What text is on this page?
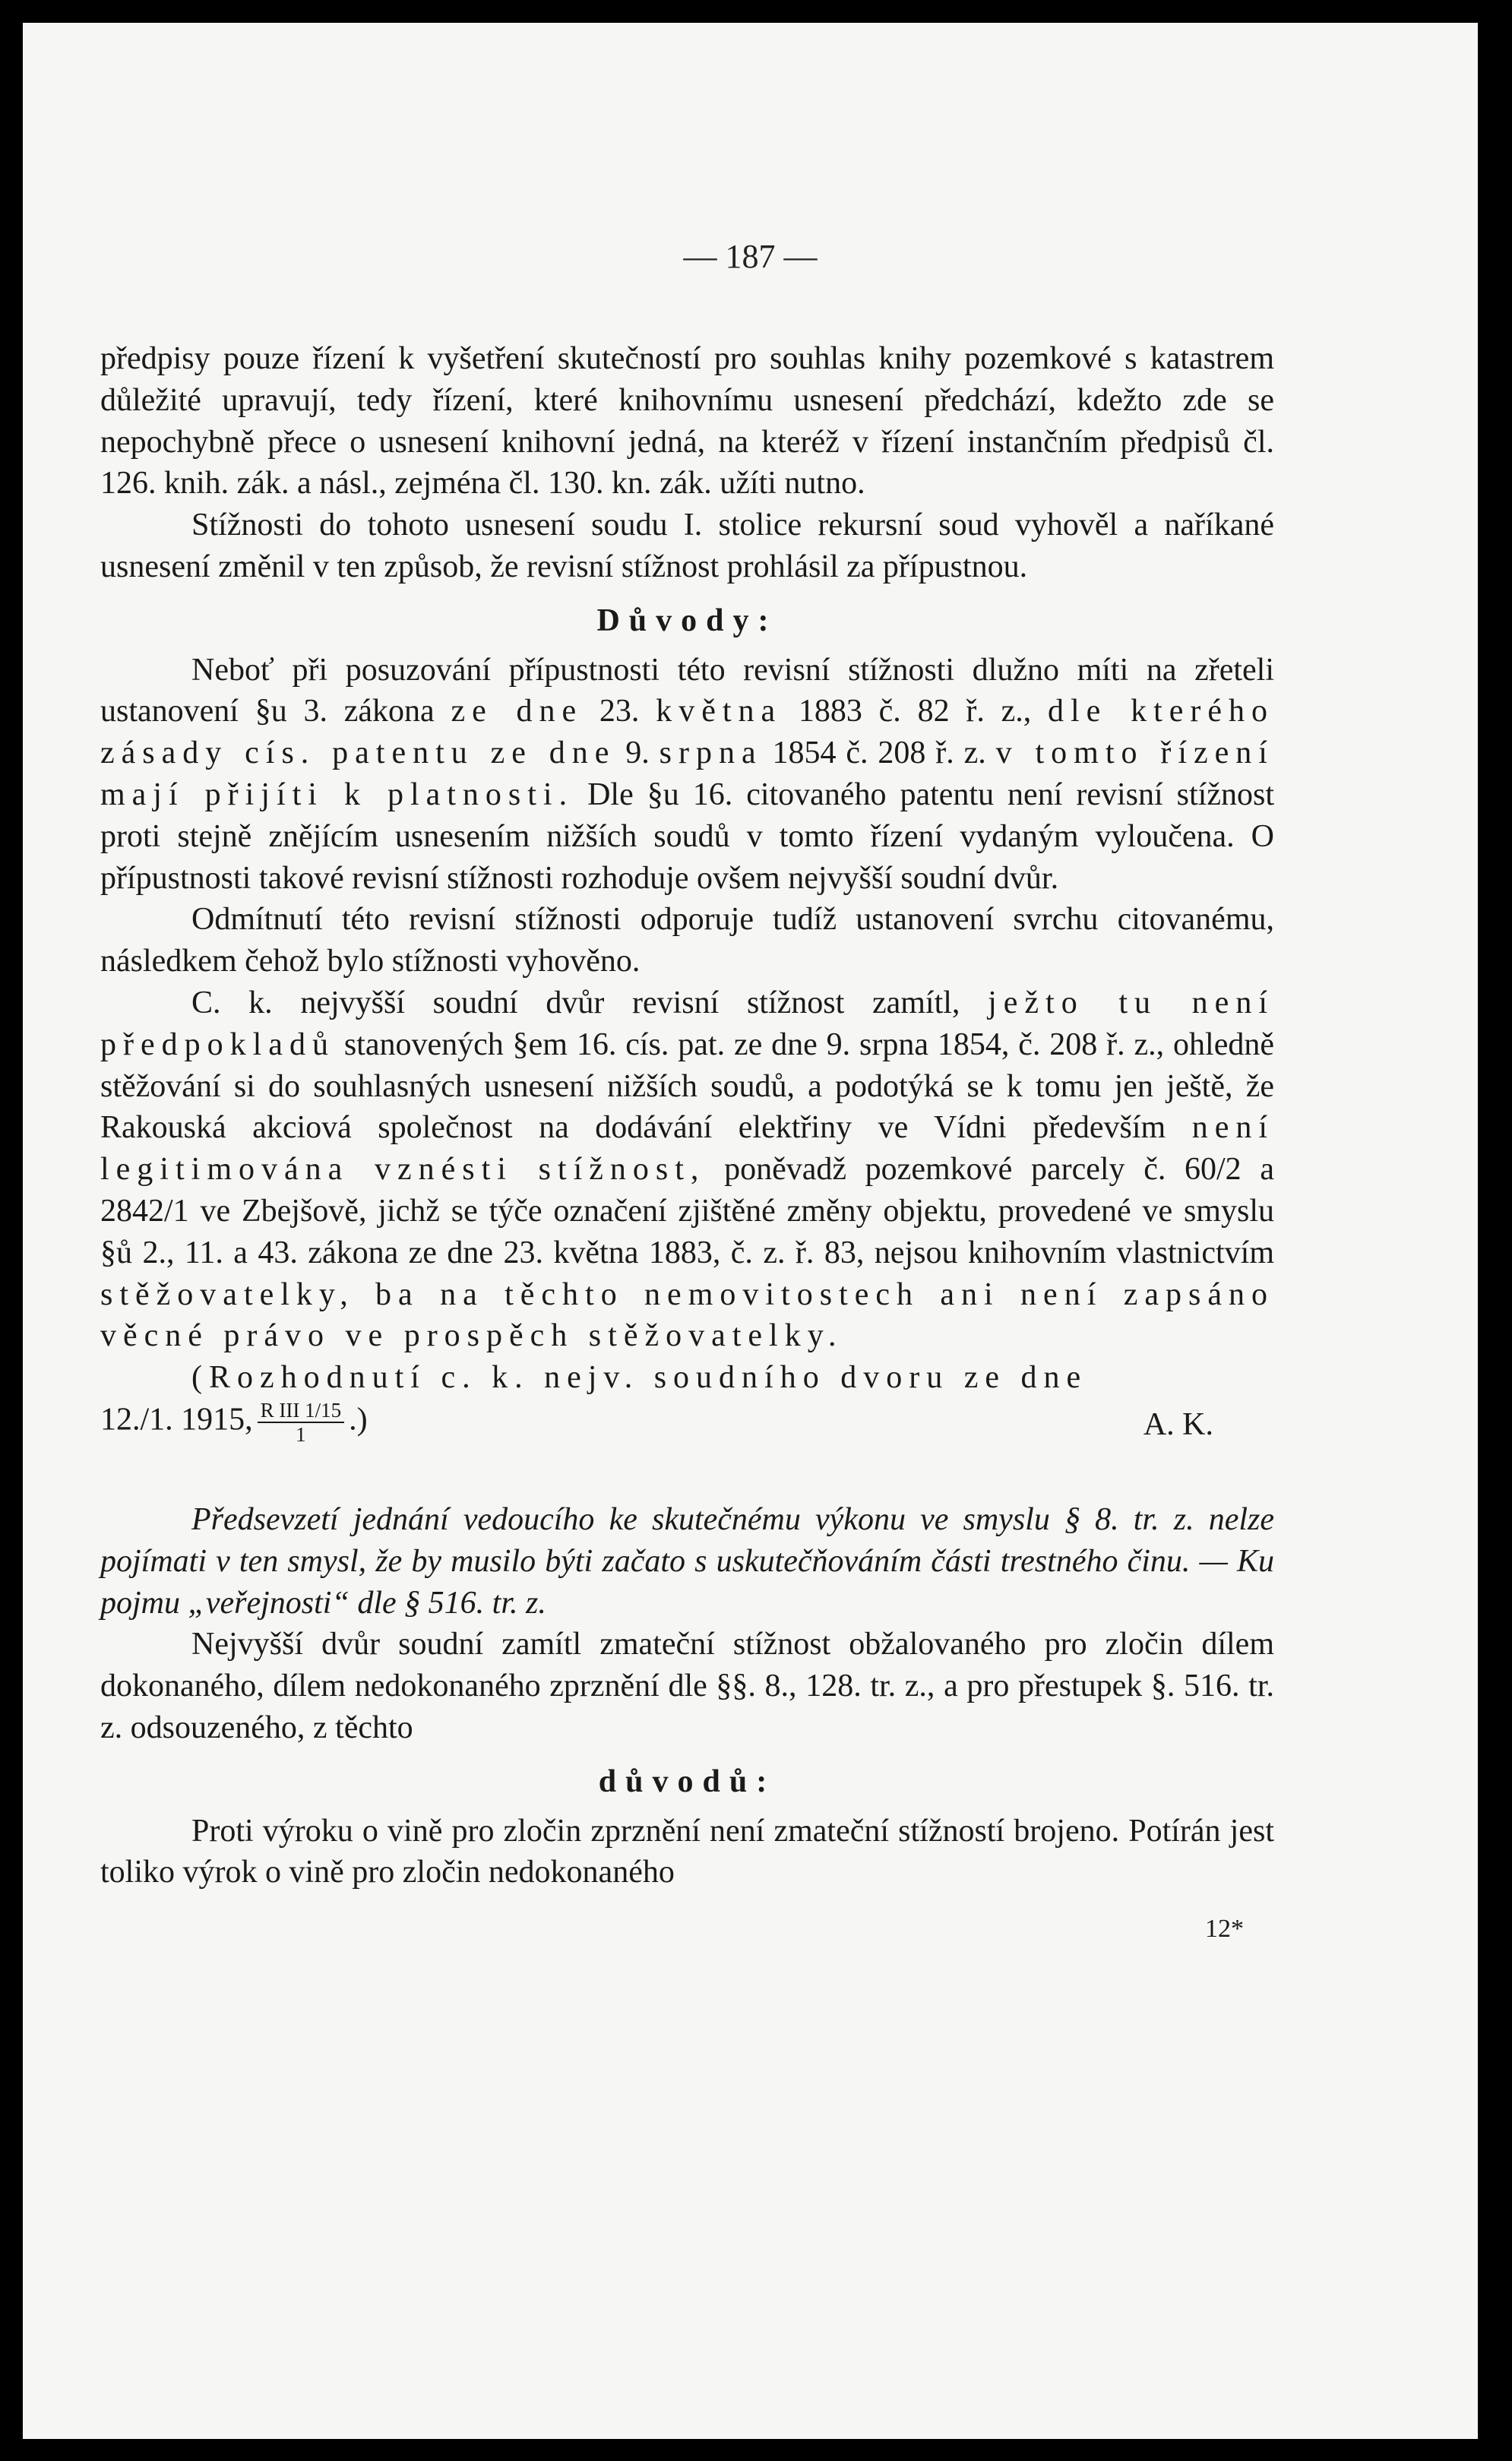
— 187 —

předpisy pouze řízení k vyšetření skutečností pro souhlas knihy pozemkové s katastrem důležité upravují, tedy řízení, které knihovnímu usnesení předchází, kdežto zde se nepochybně přece o usnesení knihovní jedná, na kteréž v řízení instančním předpisů čl. 126. knih. zák. a násl., zejména čl. 130. kn. zák. užíti nutno.

Stížnosti do tohoto usnesení soudu I. stolice rekursní soud vyhověl a naříkané usnesení změnil v ten způsob, že revisní stížnost prohlásil za přípustnou.

Důvody:

Neboť při posuzování přípustnosti této revisní stížnosti dlužno míti na zřeteli ustanovení §u 3. zákona ze dne 23. května 1883 č. 82 ř. z., dle kterého zásady cís. patentu ze dne 9. srpna 1854 č. 208 ř. z. v tomto řízení mají přijíti k platnosti. Dle §u 16. citovaného patentu není revisní stížnost proti stejně znějícím usnesením nižších soudů v tomto řízení vydaným vyloučena. O přípustnosti takové revisní stížnosti rozhoduje ovšem nejvyšší soudní dvůr.

Odmítnutí této revisní stížnosti odporuje tudíž ustanovení svrchu citovanému, následkem čehož bylo stížnosti vyhověno.

C. k. nejvyšší soudní dvůr revisní stížnost zamítl, ježto tu není předpokladů stanovených §em 16. cís. pat. ze dne 9. srpna 1854, č. 208 ř. z., ohledně stěžování si do souhlasných usnesení nižších soudů, a podotýká se k tomu jen ještě, že Rakouská akciová společnost na dodávání elektřiny ve Vídni především není legitimována vznésti stížnost, poněvadž pozemkové parcely č. 60/2 a 2842/1 ve Zbejšově, jichž se týče označení zjištěné změny objektu, provedené ve smyslu §ů 2., 11. a 43. zákona ze dne 23. května 1883, č. z. ř. 83, nejsou knihovním vlastnictvím stěžovatelky, ba na těchto nemovitostech ani není zapsáno věcné právo ve prospěch stěžovatelky.

(Rozhodnutí c. k. nejv. soudního dvoru ze dne

12./1. 1915, $\frac{\text{R III 1/15}}{1}$ .)	A. K.

Předsevzetí jednání vedoucího ke skutečnému výkonu ve smyslu § 8. tr. z. nelze pojímati v ten smysl, že by musilo býti začato s uskutečňováním části trestného činu. — Ku pojmu „veřejnosti“ dle § 516. tr. z.

Nejvyšší dvůr soudní zamítl zmateční stížnost obžalovaného pro zločin dílem dokonaného, dílem nedokonaného zprznění dle §§. 8., 128. tr. z., a pro přestupek §. 516. tr. z. odsouzeného, z těchto

důvodů:

Proti výroku o vině pro zločin zprznění není zmateční stížností brojeno. Potírán jest toliko výrok o vině pro zločin nedokonaného

12*
